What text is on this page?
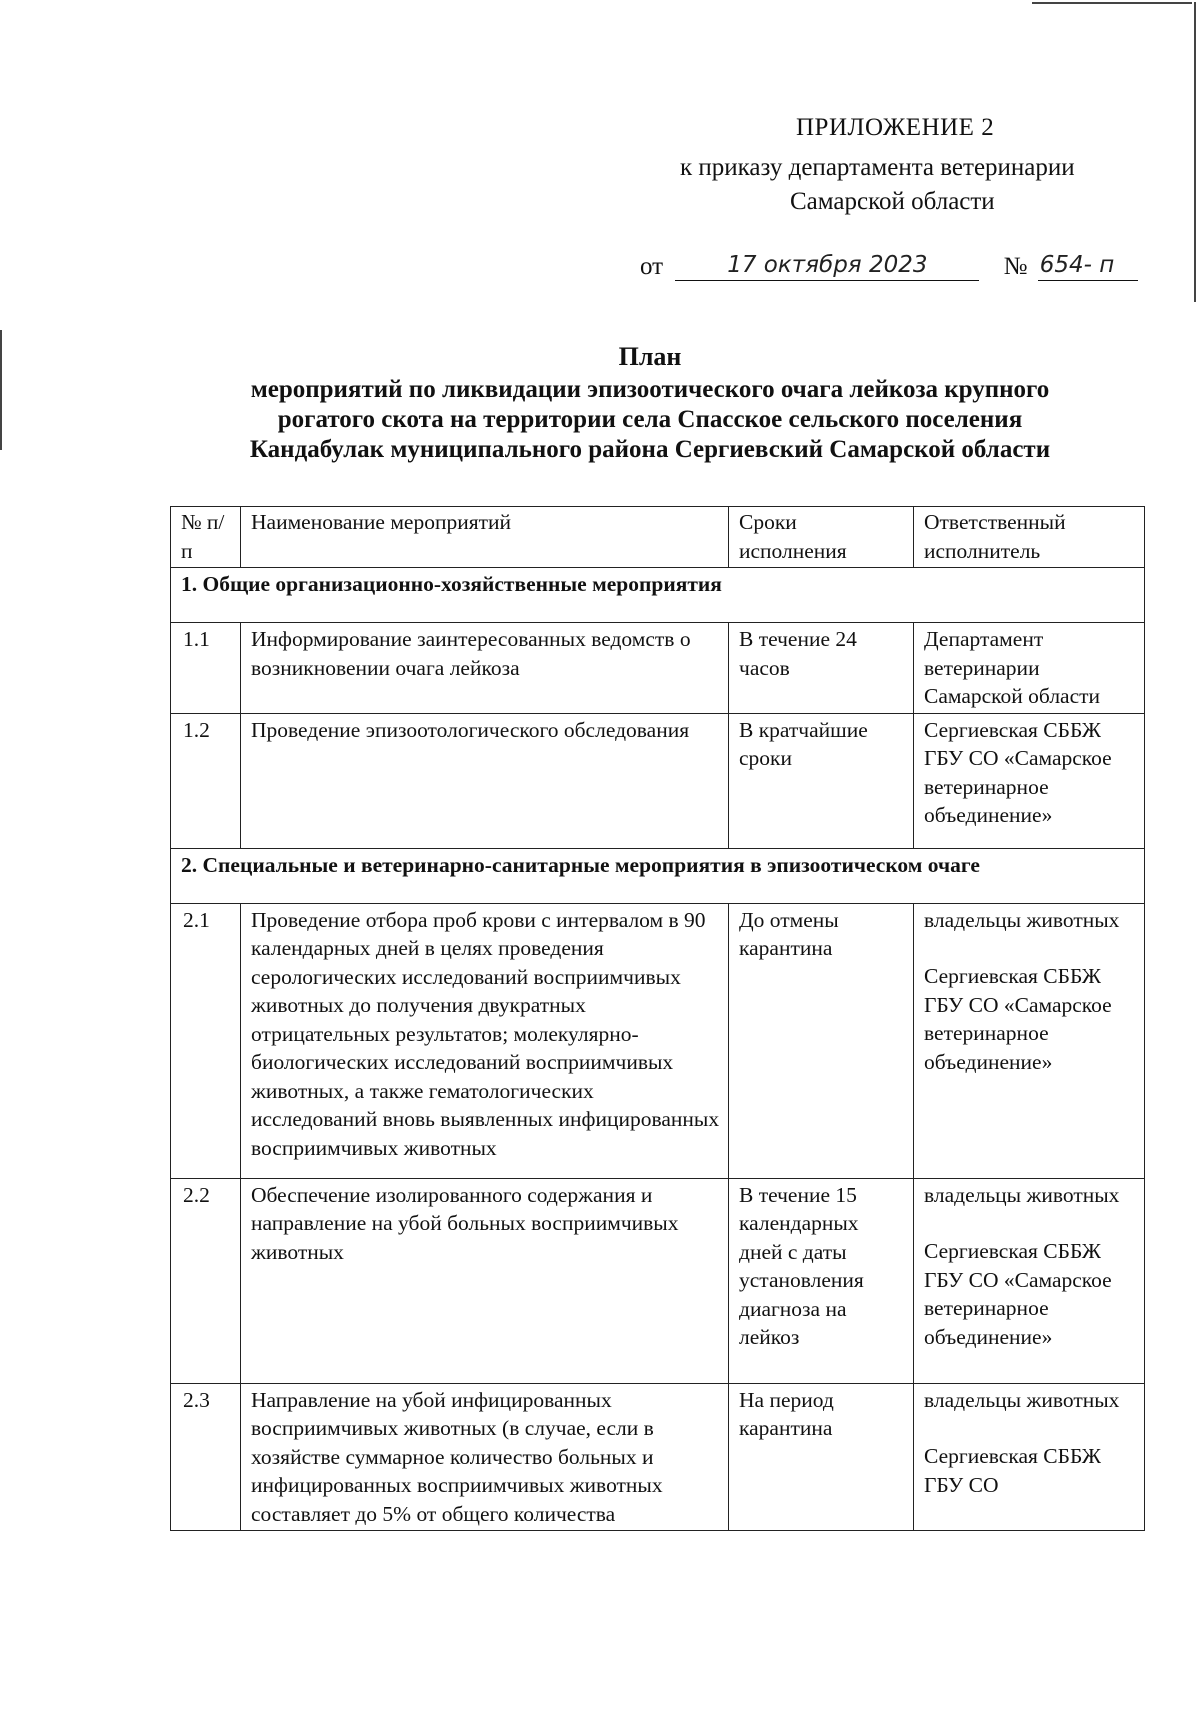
ПРИЛОЖЕНИЕ 2
к приказу департамента ветеринарии
Самарской области
от	17 октября 2023	№ 654- п
План
мероприятий по ликвидации эпизоотического очага лейкоза крупного
рогатого скота на территории села Спасское сельского поселения
Кандабулак муниципального района Сергиевский Самарской области
№ п/п	Наименование мероприятий	Сроки исполнения	Ответственный исполнитель
1. Общие организационно-хозяйственные мероприятия			
1.1	Информирование заинтересованных ведомств о возникновении очага лейкоза	В течение 24 часов	Департамент ветеринарии Самарской области
1.2	Проведение эпизоотологического обследования	В кратчайшие сроки	Сергиевская СББЖ ГБУ СО «Самарское ветеринарное объединение»
2. Специальные и ветеринарно-санитарные мероприятия в эпизоотическом очаге			
2.1	Проведение отбора проб крови с интервалом в 90 календарных дней в целях проведения серологических исследований восприимчивых животных до получения двукратных отрицательных результатов; молекулярно-биологических исследований восприимчивых животных, а также гематологических исследований вновь выявленных инфицированных восприимчивых животных	До отмены карантина	владельцы животных
Сергиевская СББЖ ГБУ СО «Самарское ветеринарное объединение»
2.2	Обеспечение изолированного содержания и направление на убой больных восприимчивых животных	В течение 15 календарных дней с даты установления диагноза на лейкоз	владельцы животных
Сергиевская СББЖ ГБУ СО «Самарское ветеринарное объединение»
2.3	Направление на убой инфицированных восприимчивых животных (в случае, если в хозяйстве суммарное количество больных и инфицированных восприимчивых животных составляет до 5% от общего количества	На период карантина	владельцы животных
Сергиевская СББЖ ГБУ СО
